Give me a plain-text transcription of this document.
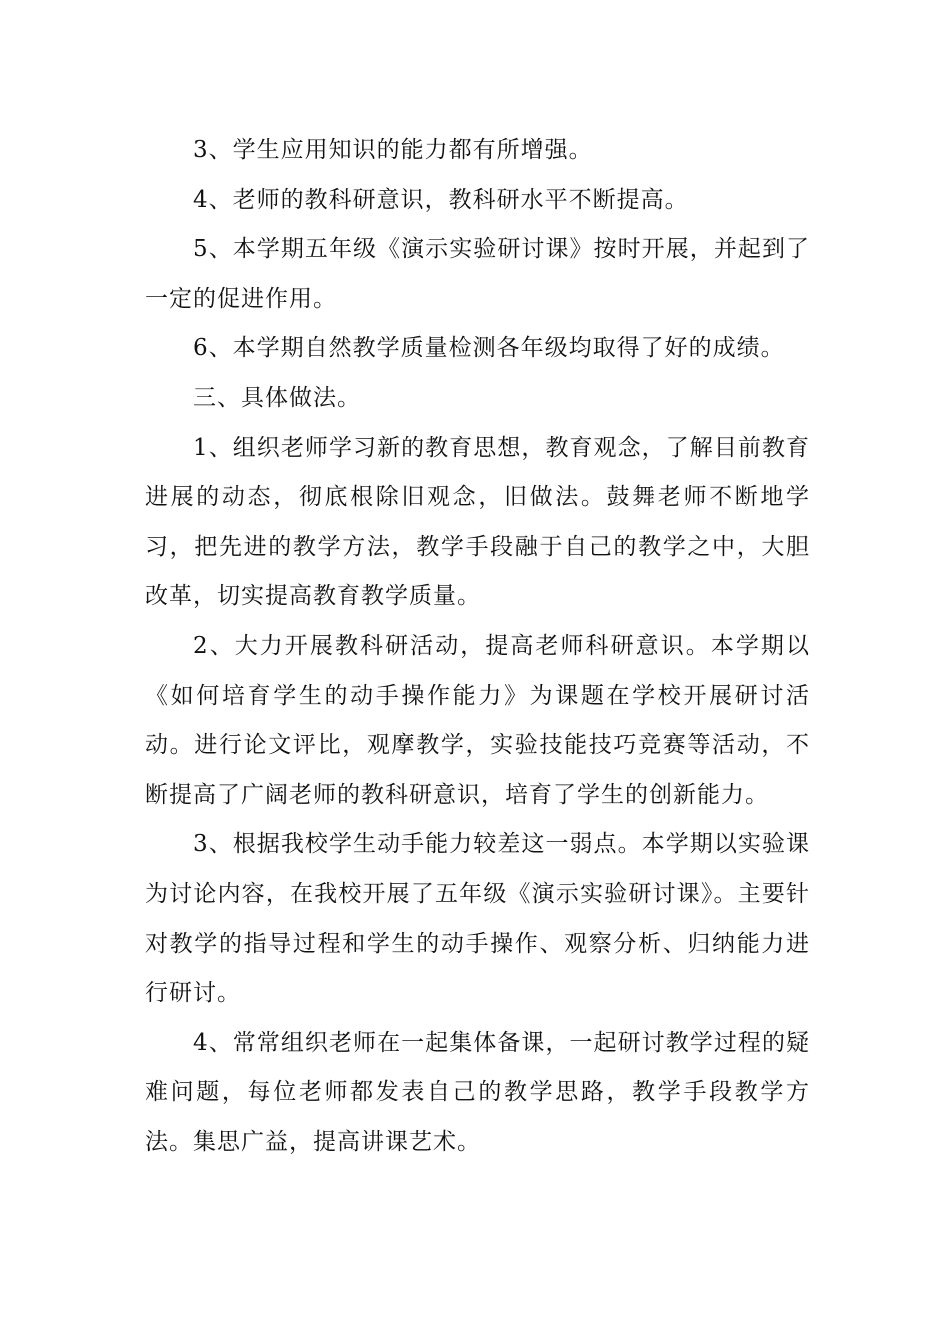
3、学生应用知识的能力都有所增强。

4、老师的教科研意识，教科研水平不断提高。

5、本学期五年级《演示实验研讨课》按时开展，并起到了一定的促进作用。

6、本学期自然教学质量检测各年级均取得了好的成绩。

三、具体做法。

1、组织老师学习新的教育思想，教育观念，了解目前教育进展的动态，彻底根除旧观念，旧做法。鼓舞老师不断地学习，把先进的教学方法，教学手段融于自己的教学之中，大胆改革，切实提高教育教学质量。

2、大力开展教科研活动，提高老师科研意识。本学期以《如何培育学生的动手操作能力》为课题在学校开展研讨活动。进行论文评比，观摩教学，实验技能技巧竞赛等活动，不断提高了广阔老师的教科研意识，培育了学生的创新能力。

3、根据我校学生动手能力较差这一弱点。本学期以实验课为讨论内容，在我校开展了五年级《演示实验研讨课》。主要针对教学的指导过程和学生的动手操作、观察分析、归纳能力进行研讨。

4、常常组织老师在一起集体备课，一起研讨教学过程的疑难问题，每位老师都发表自己的教学思路，教学手段教学方法。集思广益，提高讲课艺术。
